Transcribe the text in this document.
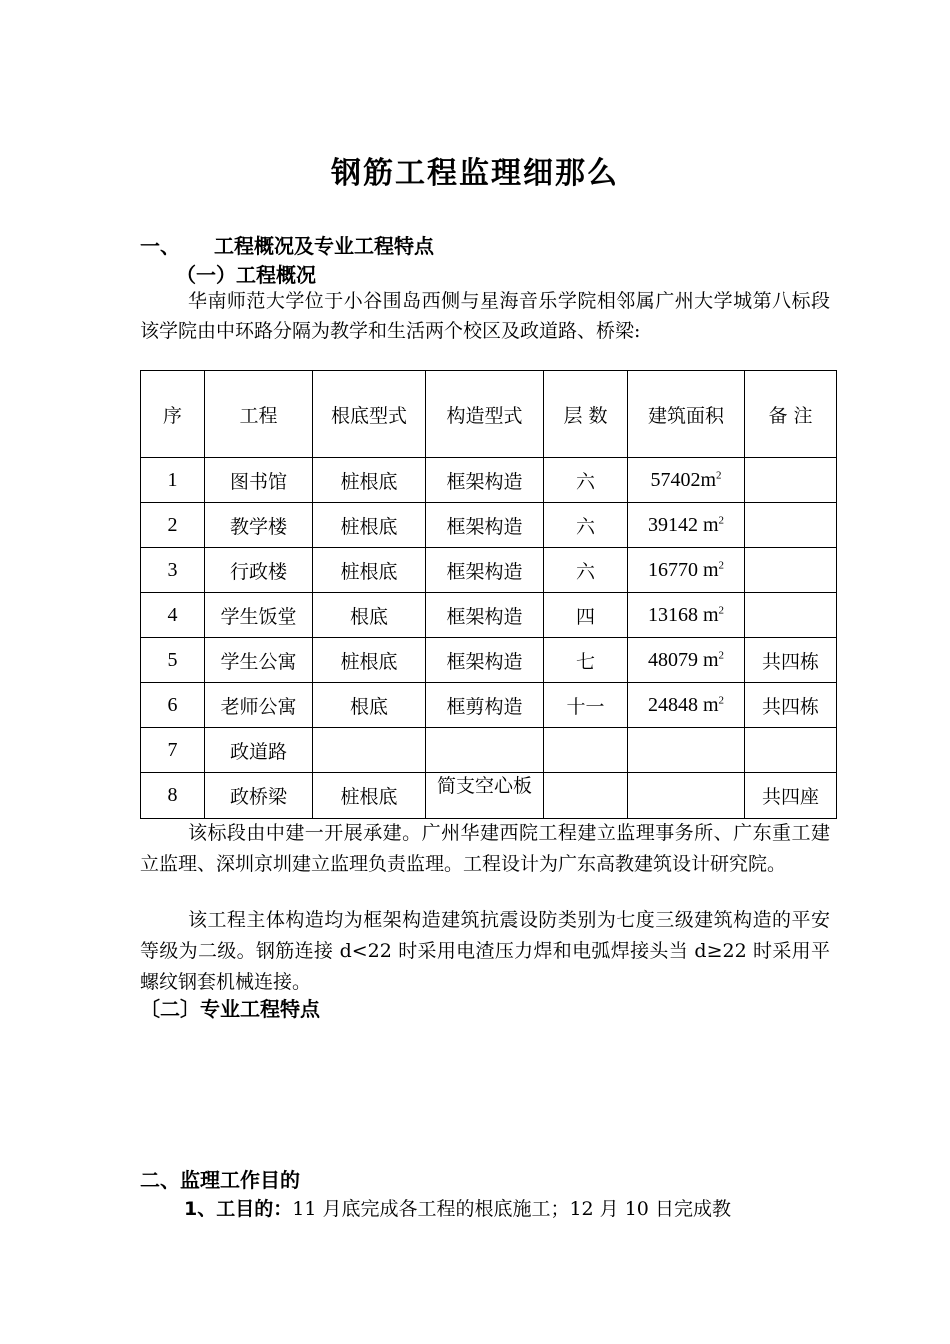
钢筋工程监理细那么
一、 工程概况及专业工程特点
（一）工程概况
华南师范大学位于小谷围岛西侧与星海音乐学院相邻属广州大学城第八标段该学院由中环路分隔为教学和生活两个校区及政道路、桥梁:
序	工程	根底型式	构造型式	层 数	建筑面积	备 注
1	图书馆	桩根底	框架构造	六	$57402m^2$	
2	教学楼	桩根底	框架构造	六	39142 $m^2$	
3	行政楼	桩根底	框架构造	六	16770 $m^2$	
4	学生饭堂	根底	框架构造	四	13168 $m^2$	
5	学生公寓	桩根底	框架构造	七	48079 $m^2$	共四栋
6	老师公寓	根底	框剪构造	十一	24848 $m^2$	共四栋
7	政道路					
8	政桥梁	桩根底	简支空心板			共四座
该标段由中建一开展承建。广州华建西院工程建立监理事务所、广东重工建立监理、深圳京圳建立监理负责监理。工程设计为广东高教建筑设计研究院。
该工程主体构造均为框架构造建筑抗震设防类别为七度三级建筑构造的平安等级为二级。钢筋连接 d<22 时采用电渣压力焊和电弧焊接头当 d≥22 时采用平螺纹钢套机械连接。
〔二〕专业工程特点
二、监理工作目的
1、工目的：11 月底完成各工程的根底施工；12 月 10 日完成教
